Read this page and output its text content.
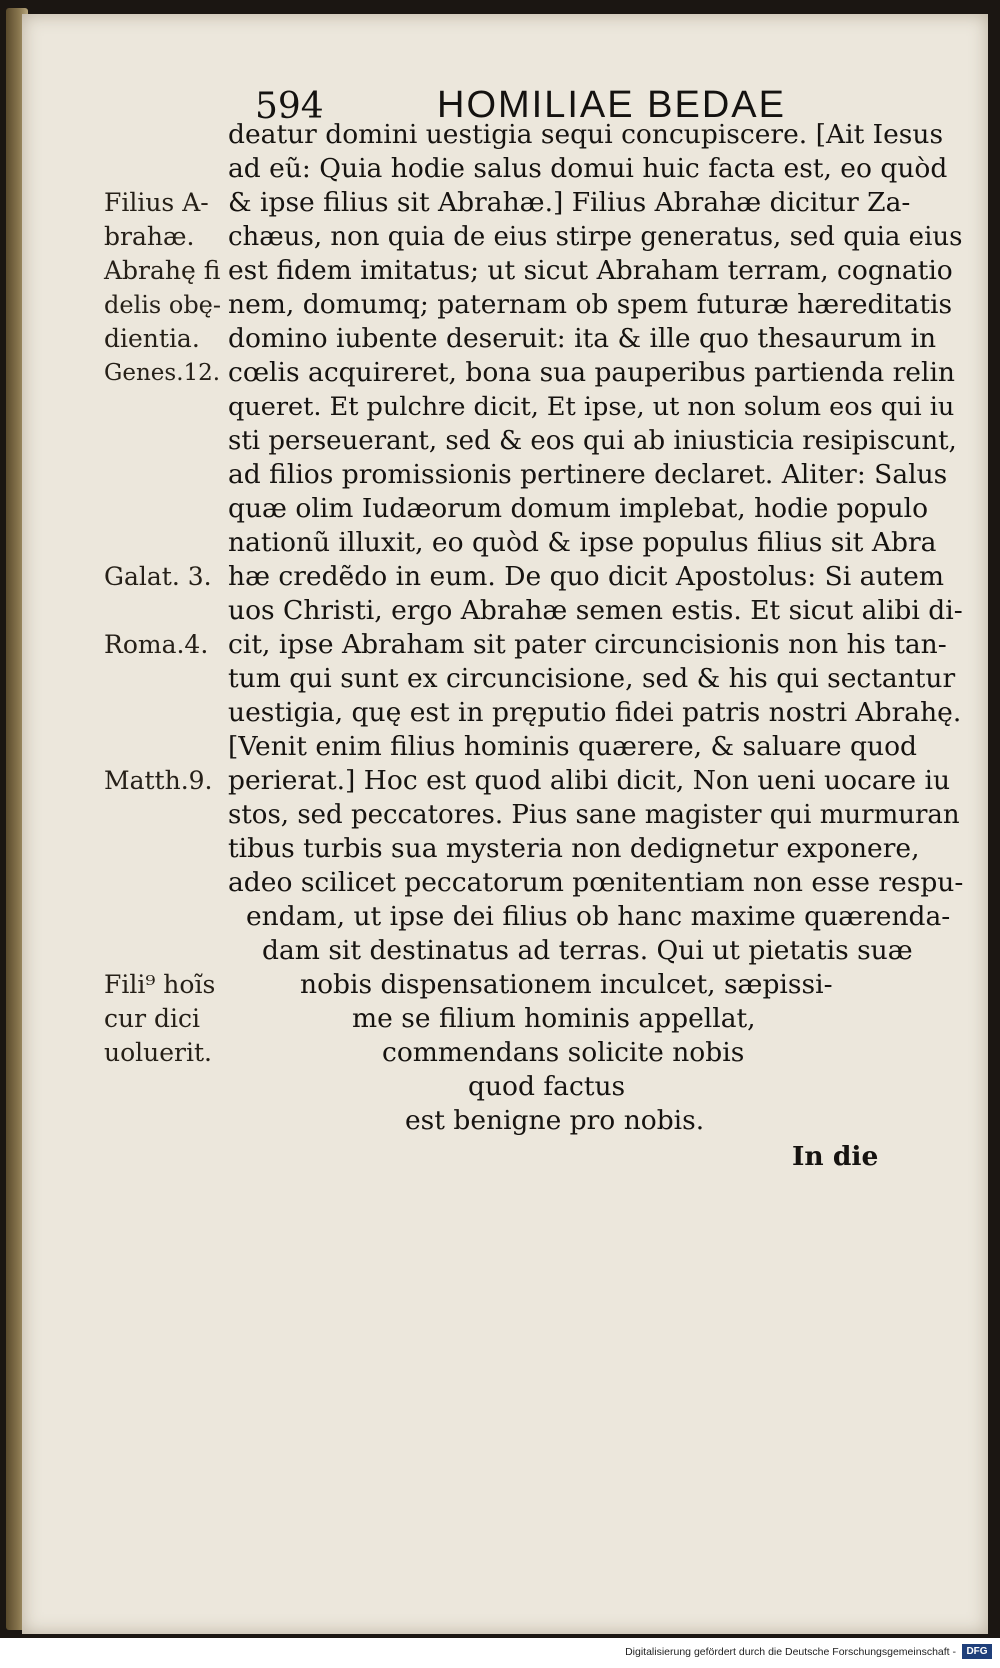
594	HOMILIAE BEDAE
deatur domini uestigia sequi concupiscere. [Ait Iesus
ad eũ: Quia hodie salus domui huic facta est, eo quòd
& ipse filius sit Abrahæ.] Filius Abrahæ dicitur Za-
chæus, non quia de eius stirpe generatus, sed quia eius
est fidem imitatus; ut sicut Abraham terram, cognatio
nem, domumq; paternam ob spem futuræ hæreditatis
domino iubente deseruit: ita & ille quo thesaurum in
cœlis acquireret, bona sua pauperibus partienda relin
queret. Et pulchre dicit, Et ipse, ut non solum eos qui iu
sti perseuerant, sed & eos qui ab iniusticia resipiscunt,
ad filios promissionis pertinere declaret. Aliter: Salus
quæ olim Iudæorum domum implebat, hodie populo
nationũ illuxit, eo quòd & ipse populus filius sit Abra
hæ credẽdo in eum. De quo dicit Apostolus: Si autem
uos Christi, ergo Abrahæ semen estis. Et sicut alibi di-
cit, ipse Abraham sit pater circuncisionis non his tan-
tum qui sunt ex circuncisione, sed & his qui sectantur
uestigia, quę est in pręputio fidei patris nostri Abrahę.
[Venit enim filius hominis quærere, & saluare quod
perierat.] Hoc est quod alibi dicit, Non ueni uocare iu
stos, sed peccatores. Pius sane magister qui murmuran
tibus turbis sua mysteria non dedignetur exponere,
adeo scilicet peccatorum pœnitentiam non esse respu-
endam, ut ipse dei filius ob hanc maxime quærenda-
dam sit destinatus ad terras. Qui ut pietatis suæ
nobis dispensationem inculcet, sæpissi-
me se filium hominis appellat,
commendans solicite nobis
quod factus
est benigne pro nobis.
In die
Filius A-
brahæ.
Abrahę fi
delis obę-
dientia.
Genes.12.
Galat. 3.
Roma.4.
Matth.9.
Fili⁹ hoĩs
cur dici
uoluerit.
Digitalisierung gefördert durch die Deutsche Forschungsgemeinschaft -	DFG
